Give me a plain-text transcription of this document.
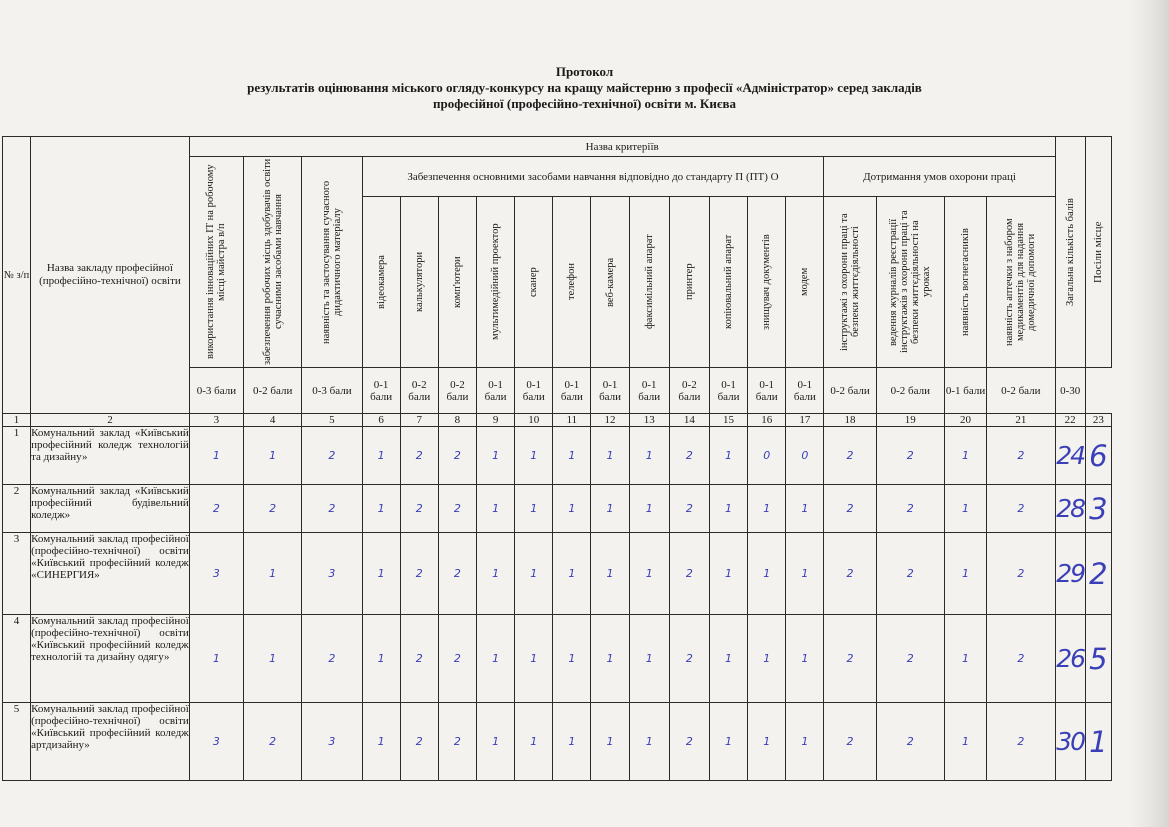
Протокол
результатів оцінювання міського огляду-конкурсу на кращу майстерню з професії «Адміністратор» серед закладів
професійної (професійно-технічної) освіти м. Києва
№ з/п	Назва закладу професійної (професійно-технічної) освіти	Назва критеріїв																			Загальна кількість балів	Посіли місце

		використання інноваційних ІТ на робочому місці майстра в/п	забезпечення робочих місць здобувачів освіти сучасними засобами навчання	наявність та застосування сучасного дидактичного матеріалу	Забезпечення основними засобами навчання відповідно до стандарту П (ПТ) О												Дотримання умов охорони праці					

					відеокамера	калькулятори	комп'ютери	мультимедійний проектор	сканер	телефон	веб-камера	факсимільний апарат	принтер	копіювальний апарат	знищувач документів	модем	інструктажі з охорони праці та безпеки життєдіяльності	ведення журналів реєстрації інструктажів з охорони праці та безпеки життєдіяльності на уроках	наявність вогнегасників	наявність аптечки з набором медикаментів для надання домедичної допомоги		

		0-3 бали	0-2 бали	0-3 бали	0-1 бали	0-2 бали	0-2 бали	0-1 бали	0-1 бали	0-1 бали	0-1 бали	0-1 бали	0-2 бали	0-1 бали	0-1 бали	0-1 бали	0-2 бали	0-2 бали	0-1 бали	0-2 бали	0-30	
1	2	3	4	5	6	7	8	9	10	11	12	13	14	15	16	17	18	19	20	21	22	23
1	Комунальний заклад «Київський професійний коледж технологій та дизайну»	1	1	2	1	2	2	1	1	1	1	1	2	1	0	0	2	2	1	2	24	6
2	Комунальний заклад «Київський професійний будівельний коледж»	2	2	2	1	2	2	1	1	1	1	1	2	1	1	1	2	2	1	2	28	3
3	Комунальний заклад професійної (професійно-технічної) освіти «Київський професійний коледж «СИНЕРГИЯ»	3	1	3	1	2	2	1	1	1	1	1	2	1	1	1	2	2	1	2	29	2
4	Комунальний заклад професійної (професійно-технічної) освіти «Київський професійний коледж технологій та дизайну одягу»	1	1	2	1	2	2	1	1	1	1	1	2	1	1	1	2	2	1	2	26	5
5	Комунальний заклад професійної (професійно-технічної) освіти «Київський професійний коледж артдизайну»	3	2	3	1	2	2	1	1	1	1	1	2	1	1	1	2	2	1	2	30	1
